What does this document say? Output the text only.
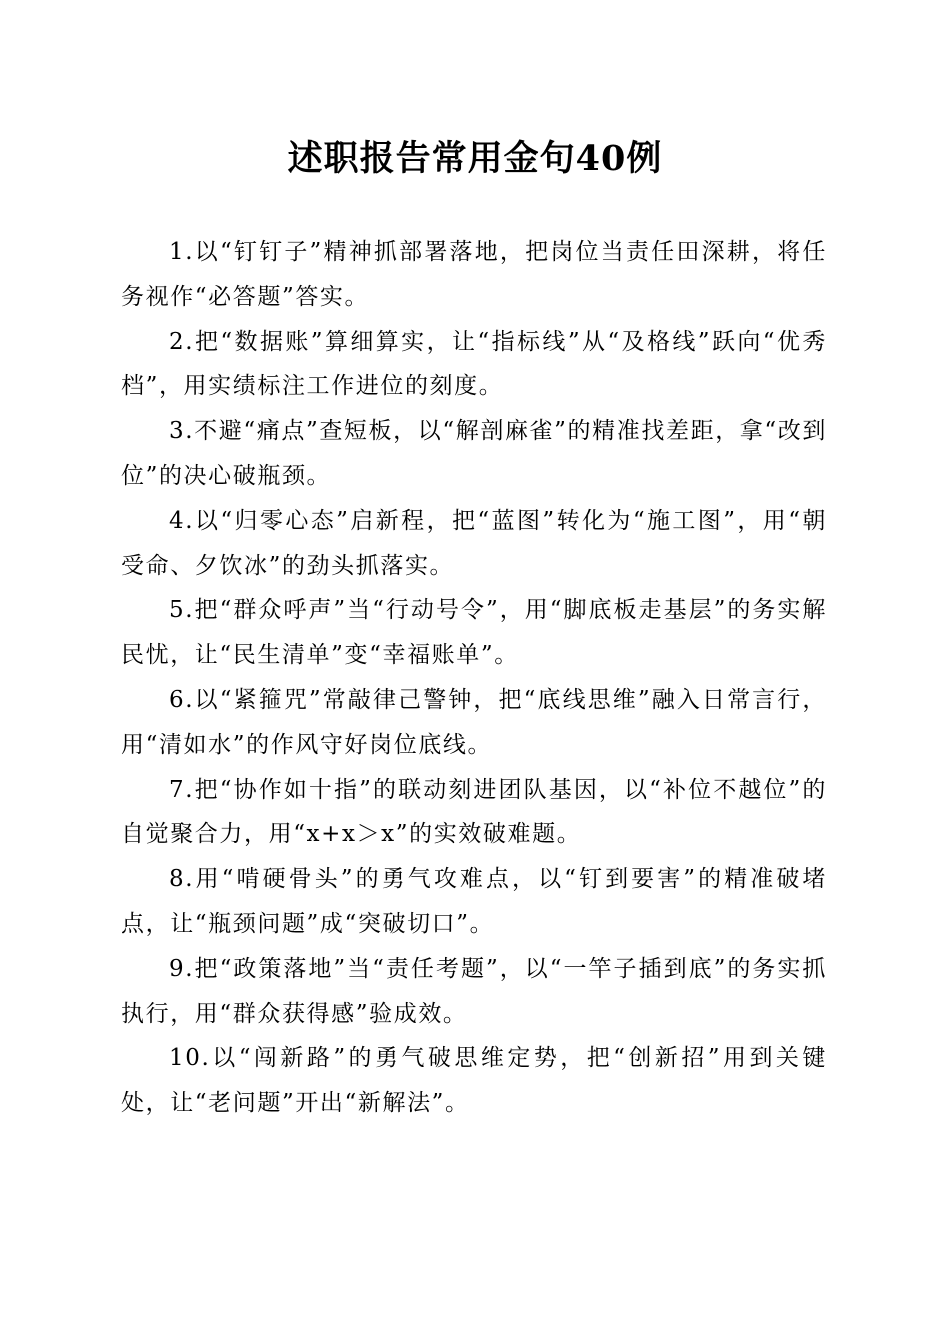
述职报告常用金句40例

1.以“钉钉子”精神抓部署落地，把岗位当责任田深耕，将任务视作“必答题”答实。

2.把“数据账”算细算实，让“指标线”从“及格线”跃向“优秀档”，用实绩标注工作进位的刻度。

3.不避“痛点”查短板，以“解剖麻雀”的精准找差距，拿“改到位”的决心破瓶颈。

4.以“归零心态”启新程，把“蓝图”转化为“施工图”，用“朝受命、夕饮冰”的劲头抓落实。

5.把“群众呼声”当“行动号令”，用“脚底板走基层”的务实解民忧，让“民生清单”变“幸福账单”。

6.以“紧箍咒”常敲律己警钟，把“底线思维”融入日常言行，用“清如水”的作风守好岗位底线。

7.把“协作如十指”的联动刻进团队基因，以“补位不越位”的自觉聚合力，用“x+x＞x”的实效破难题。

8.用“啃硬骨头”的勇气攻难点，以“钉到要害”的精准破堵点，让“瓶颈问题”成“突破切口”。

9.把“政策落地”当“责任考题”，以“一竿子插到底”的务实抓执行，用“群众获得感”验成效。

10.以“闯新路”的勇气破思维定势，把“创新招”用到关键处，让“老问题”开出“新解法”。
